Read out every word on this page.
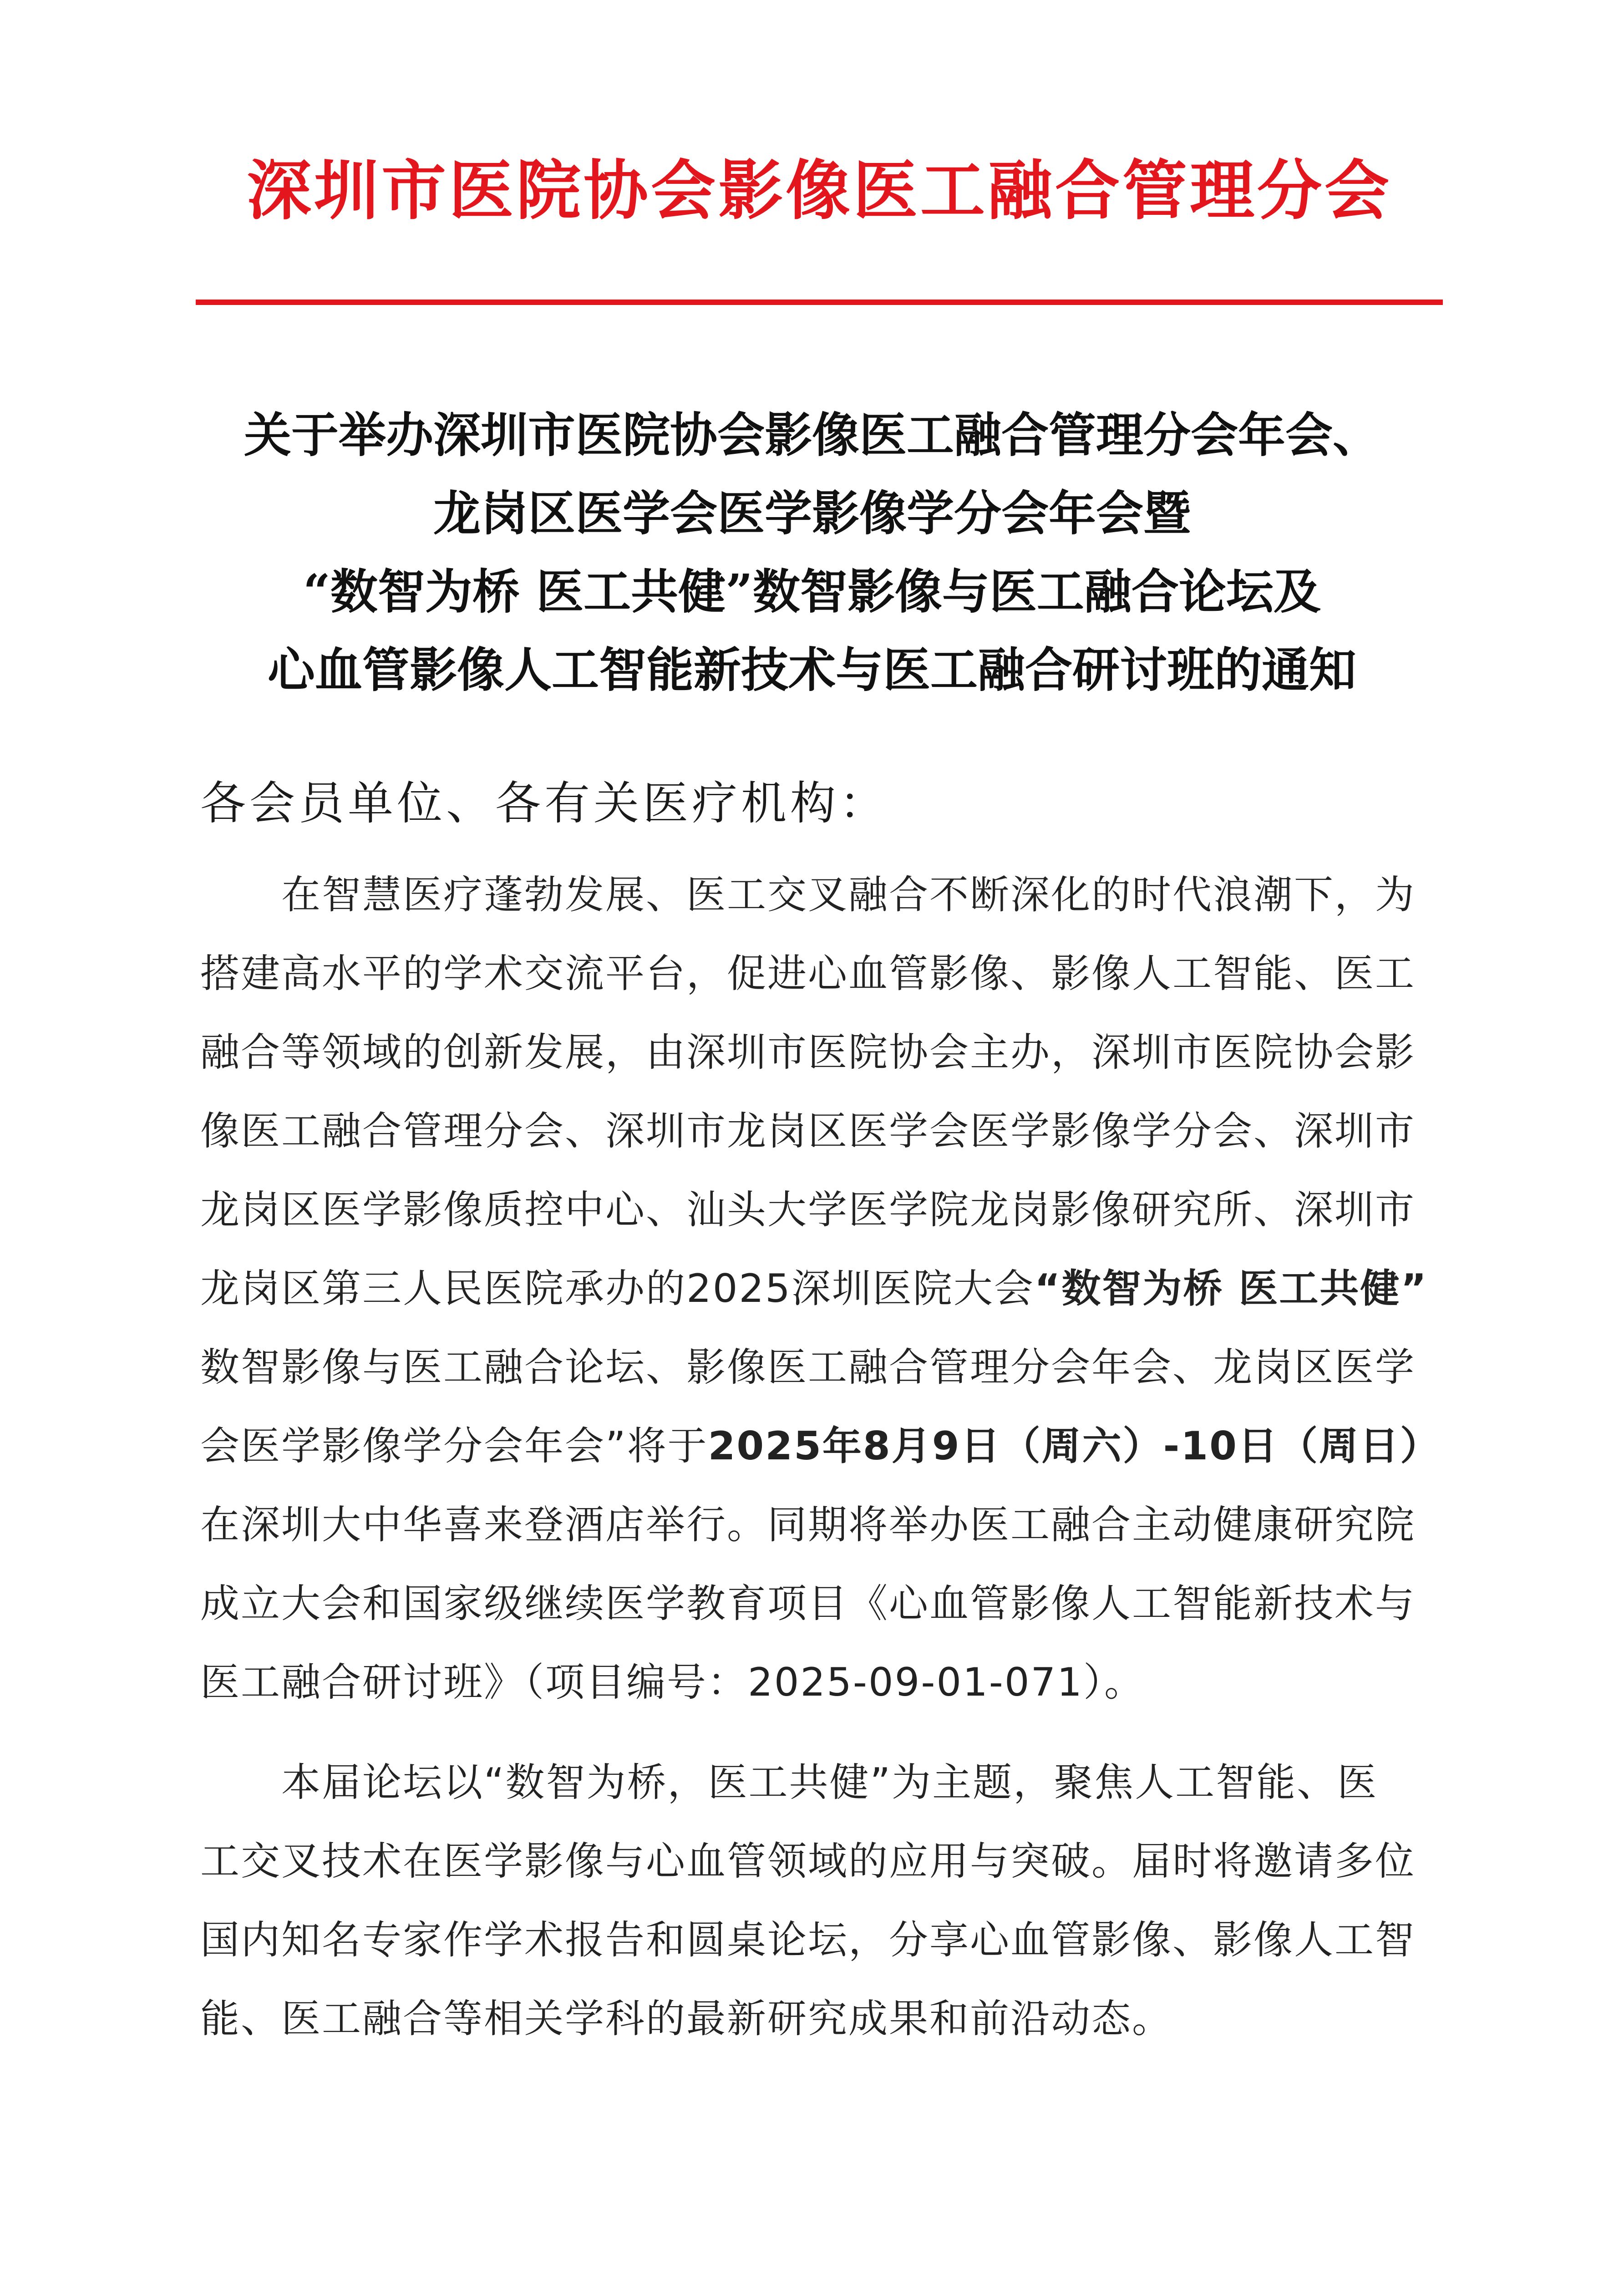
深圳市医院协会影像医工融合管理分会
关于举办深圳市医院协会影像医工融合管理分会年会、
龙岗区医学会医学影像学分会年会暨
“数智为桥 医工共健”数智影像与医工融合论坛及
心血管影像人工智能新技术与医工融合研讨班的通知
各会员单位、各有关医疗机构：
在智慧医疗蓬勃发展、医工交叉融合不断深化的时代浪潮下，为
搭建高水平的学术交流平台，促进心血管影像、影像人工智能、医工
融合等领域的创新发展，由深圳市医院协会主办，深圳市医院协会影
像医工融合管理分会、深圳市龙岗区医学会医学影像学分会、深圳市
龙岗区医学影像质控中心、汕头大学医学院龙岗影像研究所、深圳市
龙岗区第三人民医院承办的2025深圳医院大会“数智为桥 医工共健”
数智影像与医工融合论坛、影像医工融合管理分会年会、龙岗区医学
会医学影像学分会年会”将于2025年8月9日（周六）-10日（周日）
在深圳大中华喜来登酒店举行。同期将举办医工融合主动健康研究院
成立大会和国家级继续医学教育项目《心血管影像人工智能新技术与
医工融合研讨班》（项目编号：2025-09-01-071）。
本届论坛以“数智为桥，医工共健”为主题，聚焦人工智能、医
工交叉技术在医学影像与心血管领域的应用与突破。届时将邀请多位
国内知名专家作学术报告和圆桌论坛，分享心血管影像、影像人工智
能、医工融合等相关学科的最新研究成果和前沿动态。
